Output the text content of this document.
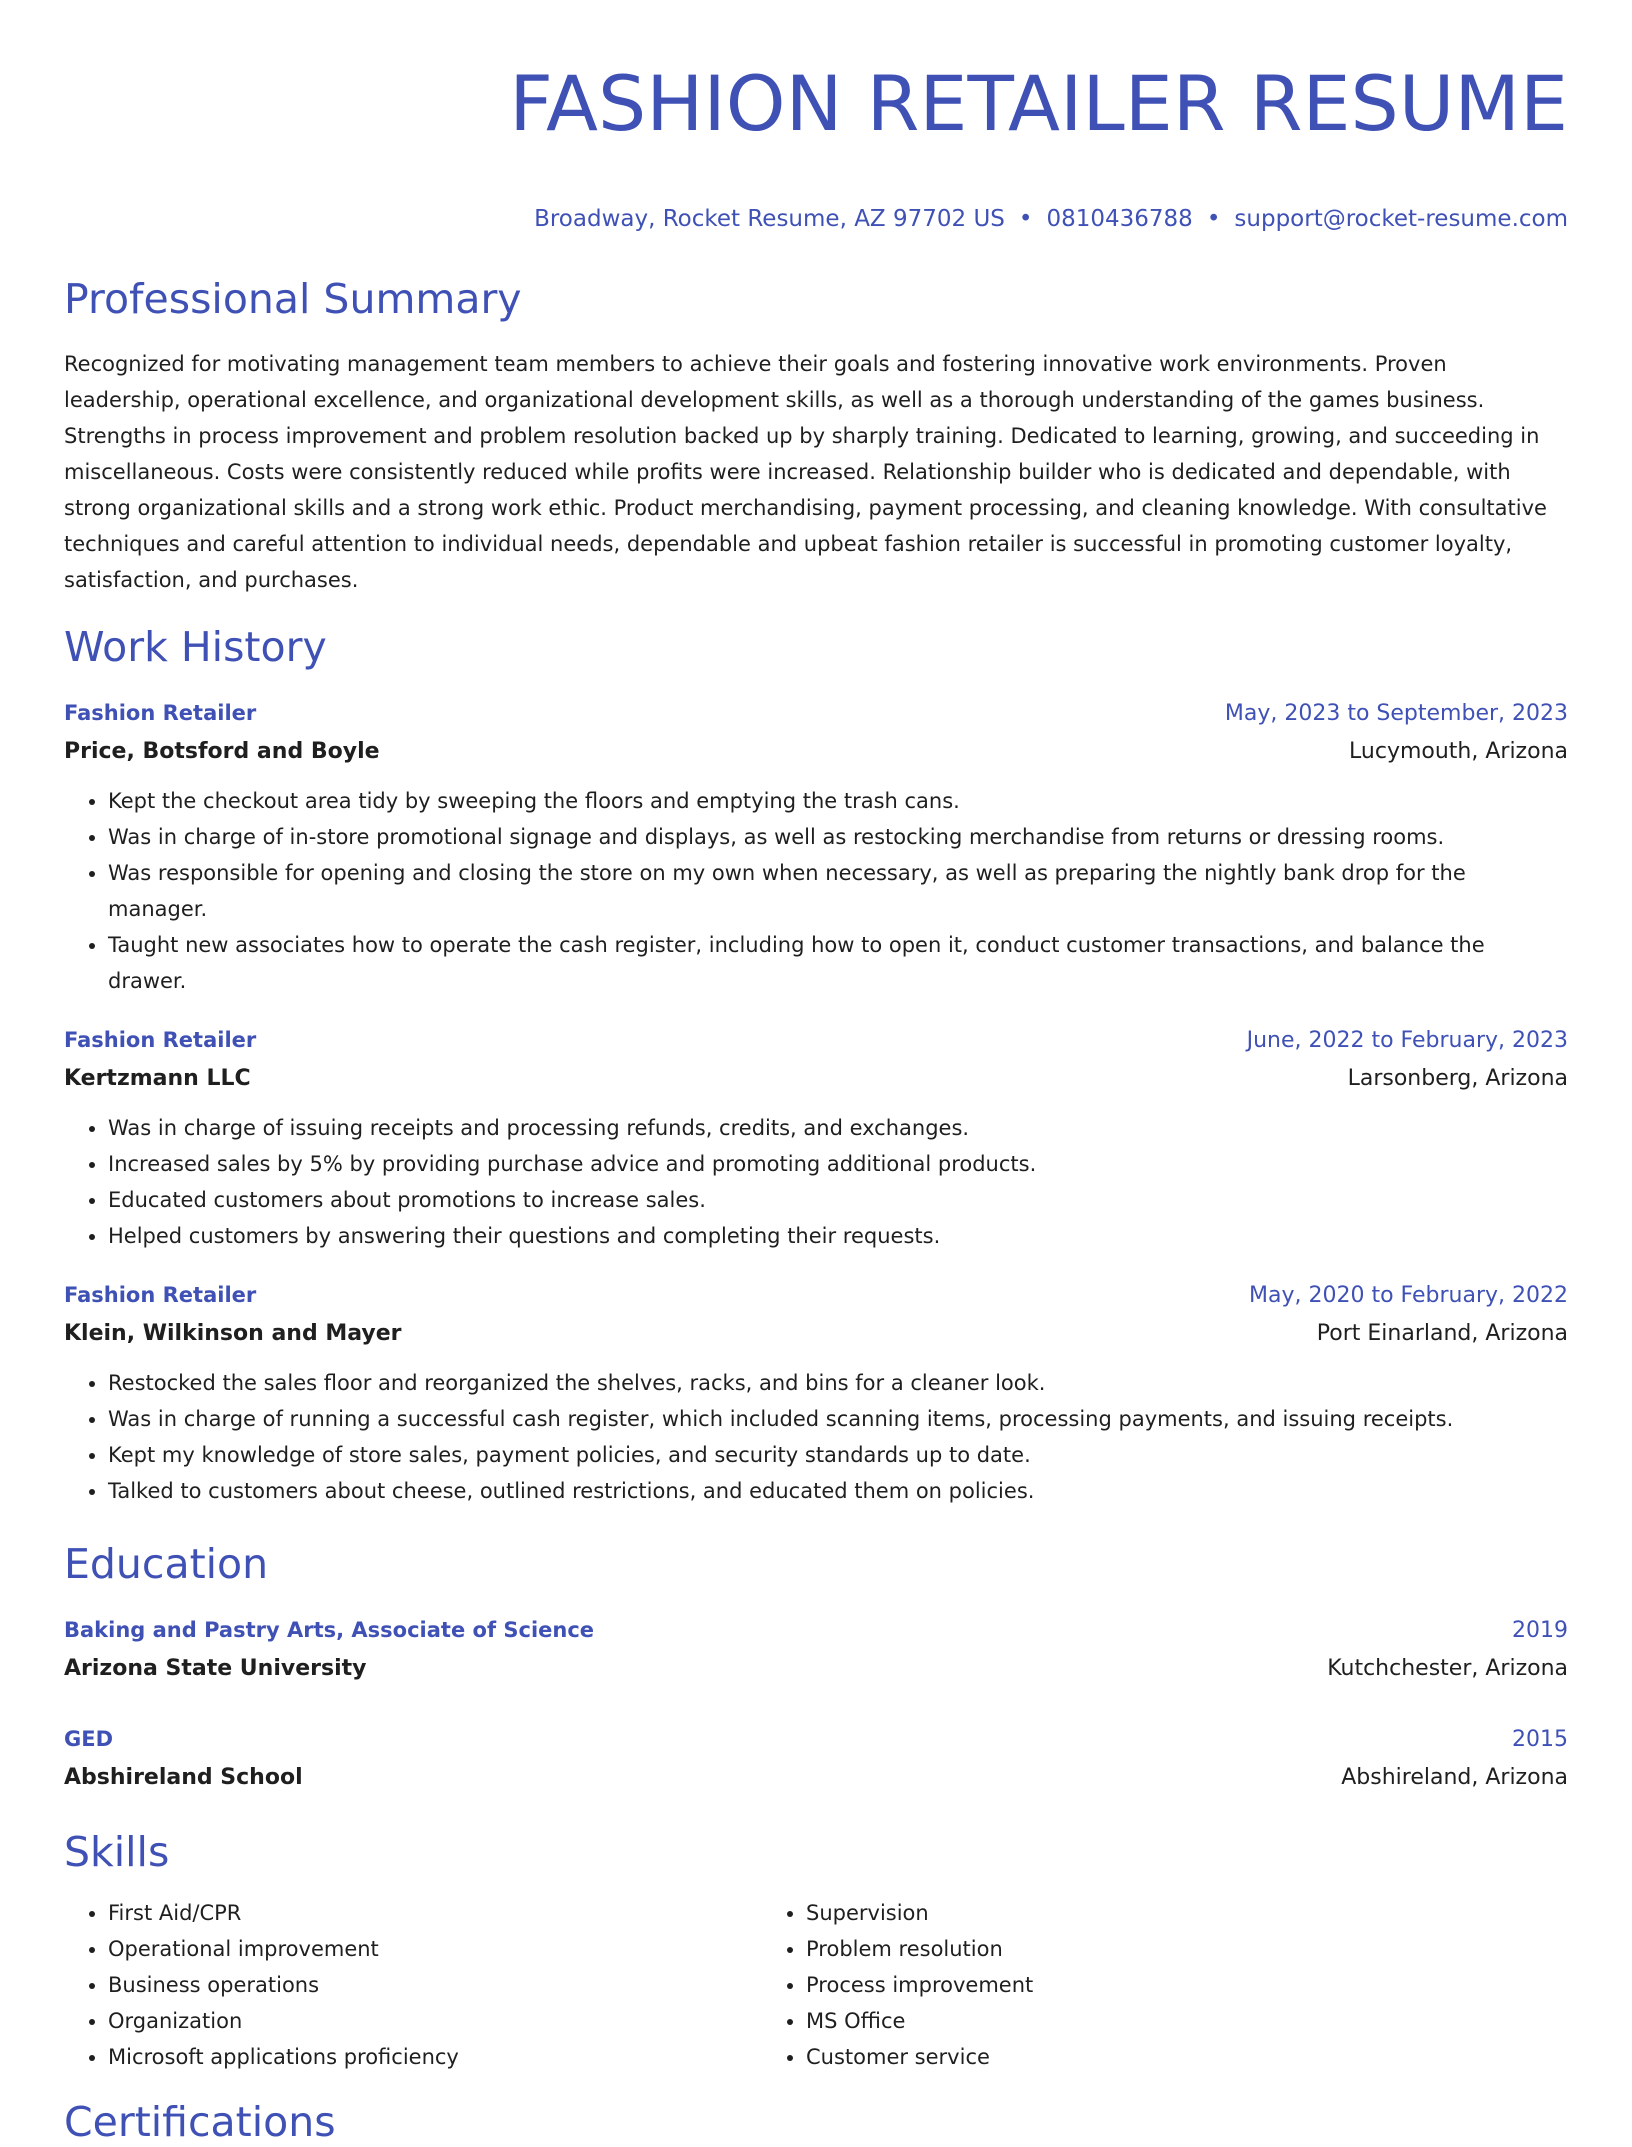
FASHION RETAILER RESUME
Broadway, Rocket Resume, AZ 97702 US • 0810436788 • support@rocket-resume.com
Professional Summary
Recognized for motivating management team members to achieve their goals and fostering innovative work environments. Proven leadership, operational excellence, and organizational development skills, as well as a thorough understanding of the games business. Strengths in process improvement and problem resolution backed up by sharply training. Dedicated to learning, growing, and succeeding in miscellaneous. Costs were consistently reduced while profits were increased. Relationship builder who is dedicated and dependable, with strong organizational skills and a strong work ethic. Product merchandising, payment processing, and cleaning knowledge. With consultative techniques and careful attention to individual needs, dependable and upbeat fashion retailer is successful in promoting customer loyalty, satisfaction, and purchases.
Work History
Fashion Retailer	May, 2023 to September, 2023
Price, Botsford and Boyle	Lucymouth, Arizona
• Kept the checkout area tidy by sweeping the floors and emptying the trash cans.
• Was in charge of in-store promotional signage and displays, as well as restocking merchandise from returns or dressing rooms.
• Was responsible for opening and closing the store on my own when necessary, as well as preparing the nightly bank drop for the manager.
• Taught new associates how to operate the cash register, including how to open it, conduct customer transactions, and balance the drawer.
Fashion Retailer	June, 2022 to February, 2023
Kertzmann LLC	Larsonberg, Arizona
• Was in charge of issuing receipts and processing refunds, credits, and exchanges.
• Increased sales by 5% by providing purchase advice and promoting additional products.
• Educated customers about promotions to increase sales.
• Helped customers by answering their questions and completing their requests.
Fashion Retailer	May, 2020 to February, 2022
Klein, Wilkinson and Mayer	Port Einarland, Arizona
• Restocked the sales floor and reorganized the shelves, racks, and bins for a cleaner look.
• Was in charge of running a successful cash register, which included scanning items, processing payments, and issuing receipts.
• Kept my knowledge of store sales, payment policies, and security standards up to date.
• Talked to customers about cheese, outlined restrictions, and educated them on policies.
Education
Baking and Pastry Arts, Associate of Science	2019
Arizona State University	Kutchchester, Arizona
GED	2015
Abshireland School	Abshireland, Arizona
Skills
• First Aid/CPR
• Operational improvement
• Business operations
• Organization
• Microsoft applications proficiency
• Supervision
• Problem resolution
• Process improvement
• MS Office
• Customer service
Certifications
